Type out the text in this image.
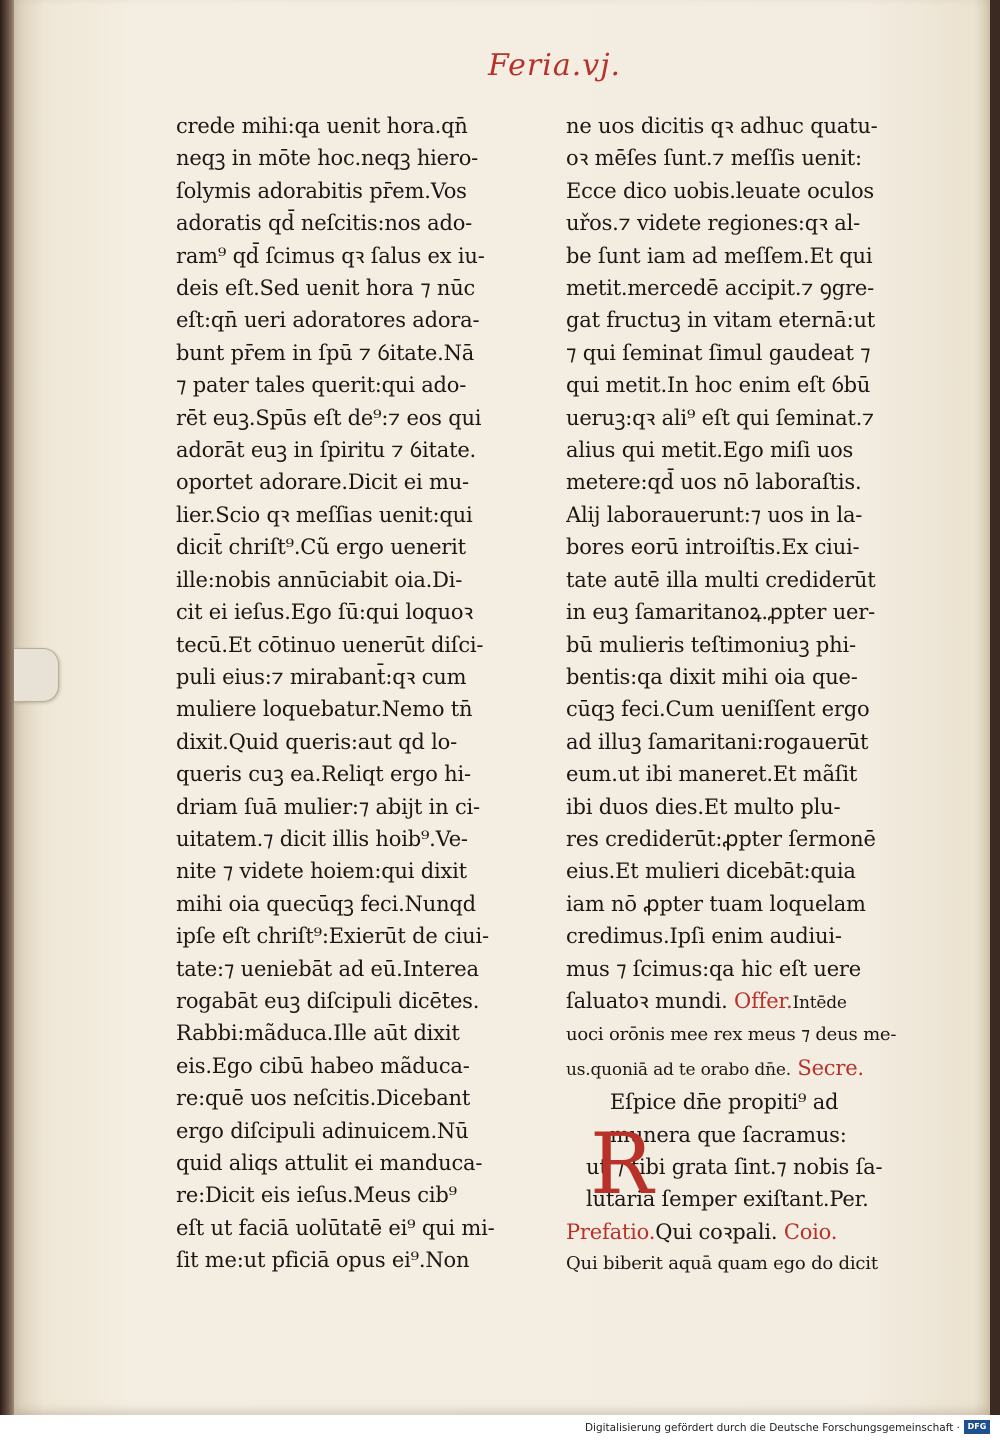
Feria.vj.
crede mihi:qa uenit hora.qn̄
neqꝫ in mōte hoc.neqꝫ hiero-
ſolymis adorabitis pr̄em.Vos
adoratis qd̄ neſcitis:nos ado-
ram⁹ qd̄ ſcimus qꝛ ſalus ex iu-
deis eſt.Sed uenit hora ⁊ nūc
eſt:qn̄ ueri adoratores adora-
bunt pr̄em in ſpū ⁊ ỽitate.Nā
⁊ pater tales querit:qui ado-
rēt euꝫ.Spūs eſt de⁹:⁊ eos qui
adorāt euꝫ in ſpiritu ⁊ ỽitate.
oportet adorare.Dicit ei mu-
lier.Scio qꝛ meſſias uenit:qui
dicit̄ chriſt⁹.Cũ ergo uenerit
ille:nobis annūciabit oia.Di-
cit ei ieſus.Ego ſū:qui loquoꝛ
tecū.Et cōtinuo uenerūt diſci-
puli eius:⁊ mirabant̄:qꝛ cum
muliere loquebatur.Nemo tn̄
dixit.Quid queris:aut qd lo-
queris cuꝫ ea.Reliqt ergo hi-
driam ſuā mulier:⁊ abijt in ci-
uitatem.⁊ dicit illis hoib⁹.Ve-
nite ⁊ videte hoiem:qui dixit
mihi oia quecūqꝫ feci.Nunqd
ipſe eſt chriſt⁹:Exierūt de ciui-
tate:⁊ ueniebāt ad eū.Interea
rogabāt euꝫ diſcipuli dicētes.
Rabbi:mãduca.Ille aūt dixit
eis.Ego cibū habeo mãduca-
re:quē uos neſcitis.Dicebant
ergo diſcipuli adinuicem.Nū
quid aliqs attulit ei manduca-
re:Dicit eis ieſus.Meus cib⁹
eſt ut faciā uolūtatē ei⁹ qui mi-
ſit me:ut pficiā opus ei⁹.Non
ne uos dicitis qꝛ adhuc quatu-
oꝛ mēſes ſunt.⁊ meſſis uenit:
Ecce dico uobis.leuate oculos
uřos.⁊ videte regiones:qꝛ al-
be ſunt iam ad meſſem.Et qui
metit.mercedē accipit.⁊ ꝯgre-
gat fructuꝫ in vitam eternā:ut
⁊ qui ſeminat ſimul gaudeat ⁊
qui metit.In hoc enim eſt ỽbū
ueruꝫ:qꝛ ali⁹ eſt qui ſeminat.⁊
alius qui metit.Ego miſi uos
metere:qd̄ uos nō laboraſtis.
Alij laborauerunt:⁊ uos in la-
bores eorū introiſtis.Ex ciui-
tate autē illa multi crediderūt
in euꝫ ſamaritanoꝝ.ꝓpter uer-
bū mulieris teſtimoniuꝫ phi-
bentis:qa dixit mihi oia que-
cūqꝫ feci.Cum ueniſſent ergo
ad illuꝫ ſamaritani:rogauerūt
eum.ut ibi maneret.Et mãſit
ibi duos dies.Et multo plu-
res crediderūt:ꝓpter ſermonē
eius.Et mulieri dicebāt:quia
iam nō ꝓpter tuam loquelam
credimus.Ipſi enim audiui-
mus ⁊ ſcimus:qa hic eſt uere
ſaluatoꝛ mundi. Offer.Intēde
uoci orōnis mee rex meus ⁊ deus me-
us.quoniā ad te orabo dn̄e. Secre.
Eſpice dn̄e propiti⁹ ad
munera que ſacramus:
ut ⁊ tibi grata ſint.⁊ nobis ſa-
lutaria ſemper exiſtant.Per.
Prefatio.Qui coꝛpali. Coio.
Qui biberit aquā quam ego do dicit
R
Digitalisierung gefördert durch die Deutsche Forschungsgemeinschaft · DFG
